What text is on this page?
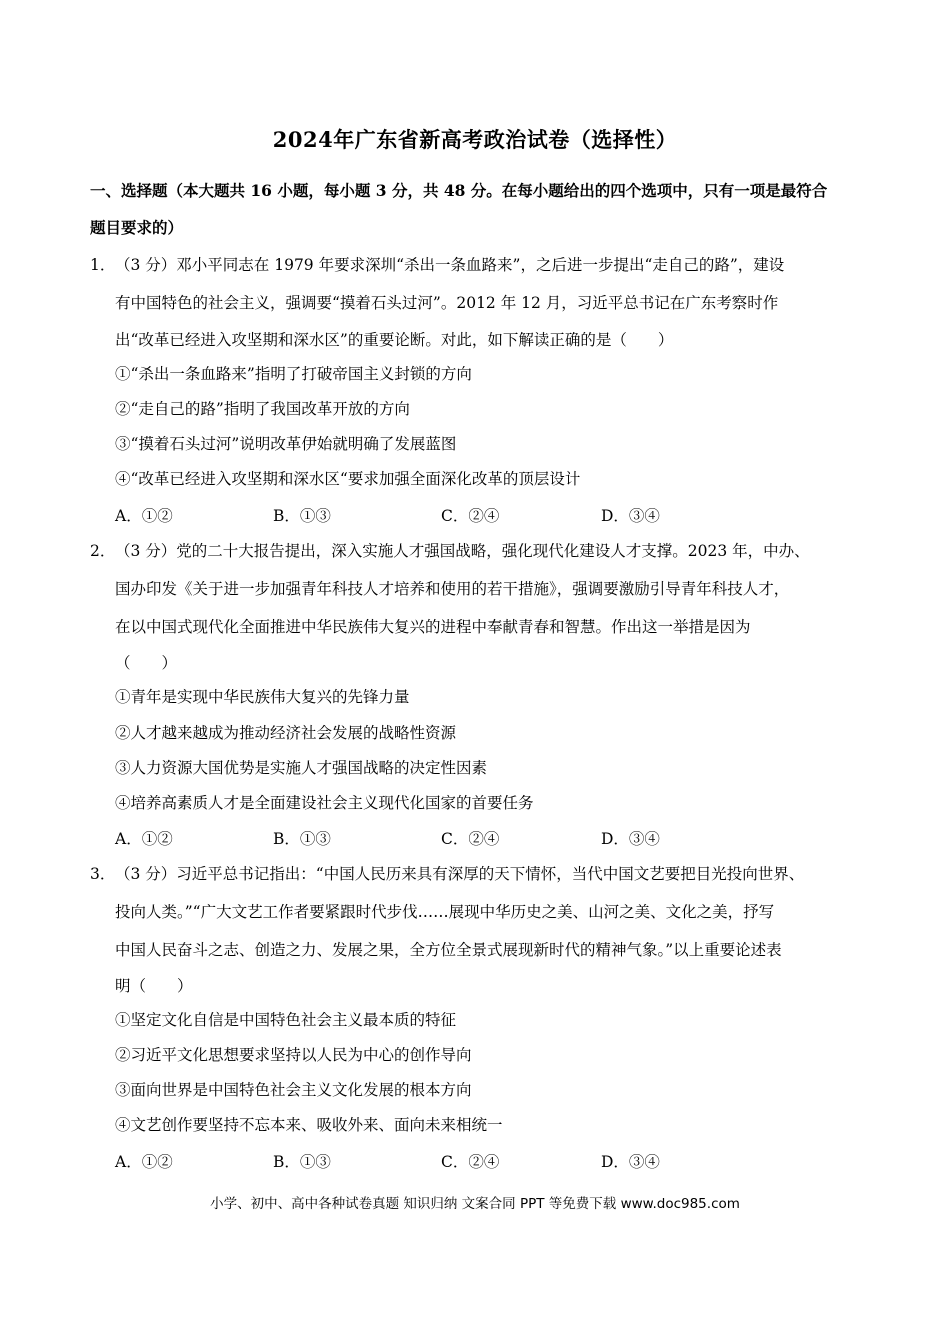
2024年广东省新高考政治试卷（选择性）
一、选择题（本大题共 16 小题，每小题 3 分，共 48 分。在每小题给出的四个选项中，只有一项是最符合
题目要求的）
1． （3 分）邓小平同志在 1979 年要求深圳“杀出一条血路来”，之后进一步提出“走自己的路”，建设
有中国特色的社会主义，强调要“摸着石头过河”。2012 年 12 月，习近平总书记在广东考察时作
出“改革已经进入攻坚期和深水区”的重要论断。对此，如下解读正确的是（　　）
①“杀出一条血路来”指明了打破帝国主义封锁的方向
②“走自己的路”指明了我国改革开放的方向
③“摸着石头过河”说明改革伊始就明确了发展蓝图
④“改革已经进入攻坚期和深水区“要求加强全面深化改革的顶层设计
A．①②	B．①③	C．②④	D．③④
2． （3 分）党的二十大报告提出，深入实施人才强国战略，强化现代化建设人才支撑。2023 年，中办、
国办印发《关于进一步加强青年科技人才培养和使用的若干措施》，强调要激励引导青年科技人才，
在以中国式现代化全面推进中华民族伟大复兴的进程中奉献青春和智慧。作出这一举措是因为
（　　）
①青年是实现中华民族伟大复兴的先锋力量
②人才越来越成为推动经济社会发展的战略性资源
③人力资源大国优势是实施人才强国战略的决定性因素
④培养高素质人才是全面建设社会主义现代化国家的首要任务
A．①②	B．①③	C．②④	D．③④
3． （3 分）习近平总书记指出：“中国人民历来具有深厚的天下情怀，当代中国文艺要把目光投向世界、
投向人类。”“广大文艺工作者要紧跟时代步伐……展现中华历史之美、山河之美、文化之美，抒写
中国人民奋斗之志、创造之力、发展之果，全方位全景式展现新时代的精神气象。”以上重要论述表
明（　　）
①坚定文化自信是中国特色社会主义最本质的特征
②习近平文化思想要求坚持以人民为中心的创作导向
③面向世界是中国特色社会主义文化发展的根本方向
④文艺创作要坚持不忘本来、吸收外来、面向未来相统一
A．①②	B．①③	C．②④	D．③④
小学、初中、高中各种试卷真题 知识归纳 文案合同 PPT 等免费下载 www.doc985.com
